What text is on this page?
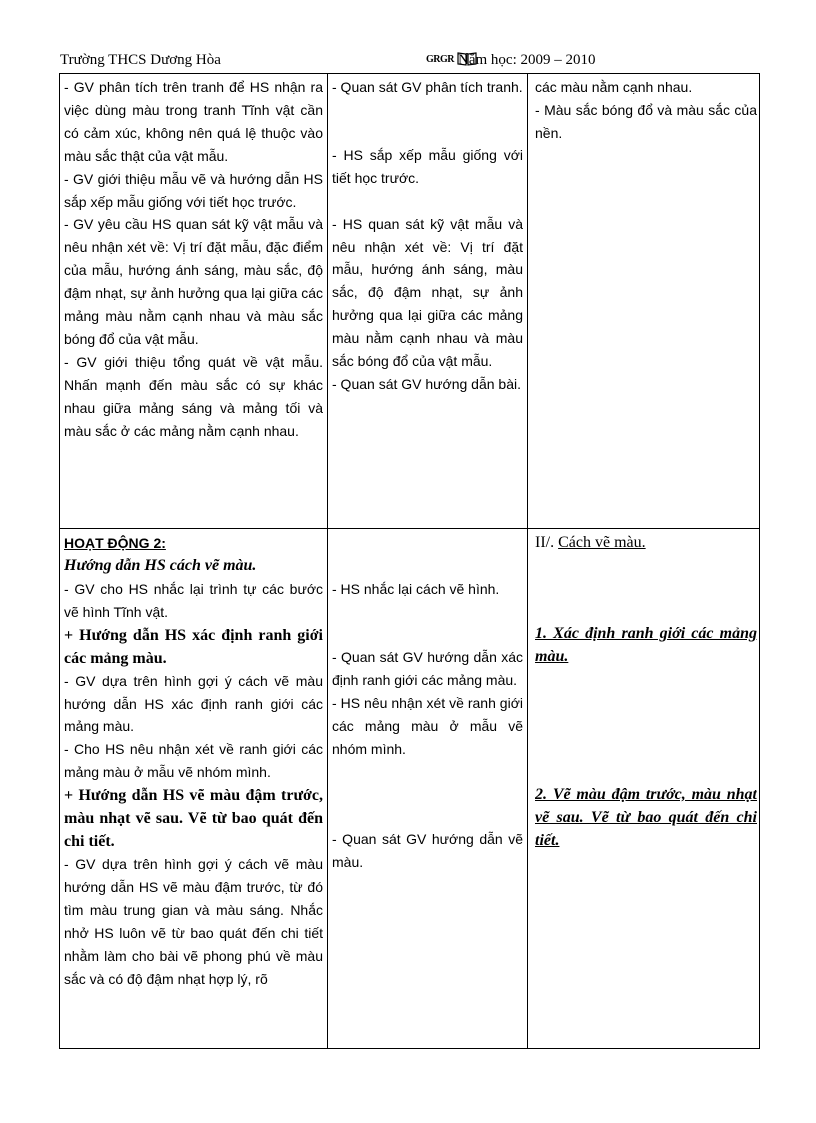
Trường THCS Dương Hòa	GRGR Năm học: 2009 – 2010

- GV phân tích trên tranh để HS nhận ra việc dùng màu trong tranh Tĩnh vật cần có cảm xúc, không nên quá lệ thuộc vào màu sắc thật của vật mẫu.

- GV giới thiệu mẫu vẽ và hướng dẫn HS sắp xếp mẫu giống với tiết học trước.

- GV yêu cầu HS quan sát kỹ vật mẫu và nêu nhận xét về: Vị trí đặt mẫu, đặc điểm của mẫu, hướng ánh sáng, màu sắc, độ đậm nhạt, sự ảnh hưởng qua lại giữa các mảng màu nằm cạnh nhau và màu sắc bóng đổ của vật mẫu.

- GV giới thiệu tổng quát về vật mẫu. Nhấn mạnh đến màu sắc có sự khác nhau giữa mảng sáng và mảng tối và màu sắc ở các mảng nằm cạnh nhau.

- Quan sát GV phân tích tranh.

- HS sắp xếp mẫu giống với tiết học trước.

- HS quan sát kỹ vật mẫu và nêu nhận xét về: Vị trí đặt mẫu, hướng ánh sáng, màu sắc, độ đậm nhạt, sự ảnh hưởng qua lại giữa các mảng màu nằm cạnh nhau và màu sắc bóng đổ của vật mẫu.

- Quan sát GV hướng dẫn bài.

các màu nằm cạnh nhau.

- Màu sắc bóng đổ và màu sắc của nền.

HOẠT ĐỘNG 2:

Hướng dẫn HS cách vẽ màu.

- GV cho HS nhắc lại trình tự các bước vẽ hình Tĩnh vật.

+ Hướng dẫn HS xác định ranh giới các mảng màu.

- GV dựa trên hình gợi ý cách vẽ màu hướng dẫn HS xác định ranh giới các mảng màu.

- Cho HS nêu nhận xét về ranh giới các mảng màu ở mẫu vẽ nhóm mình.

+ Hướng dẫn HS vẽ màu đậm trước, màu nhạt vẽ sau. Vẽ từ bao quát đến chi tiết.

- GV dựa trên hình gợi ý cách vẽ màu hướng dẫn HS vẽ màu đậm trước, từ đó tìm màu trung gian và màu sáng. Nhắc nhở HS luôn vẽ từ bao quát đến chi tiết nhằm làm cho bài vẽ phong phú về màu sắc và có độ đậm nhạt hợp lý, rõ

- HS nhắc lại cách vẽ hình.

- Quan sát GV hướng dẫn xác định ranh giới các mảng màu.

- HS nêu nhận xét về ranh giới các mảng màu ở mẫu vẽ nhóm mình.

- Quan sát GV hướng dẫn vẽ màu.

II/. Cách vẽ màu.

1. Xác định ranh giới các mảng màu.

2. Vẽ màu đậm trước, màu nhạt vẽ sau. Vẽ từ bao quát đến chi tiết.
